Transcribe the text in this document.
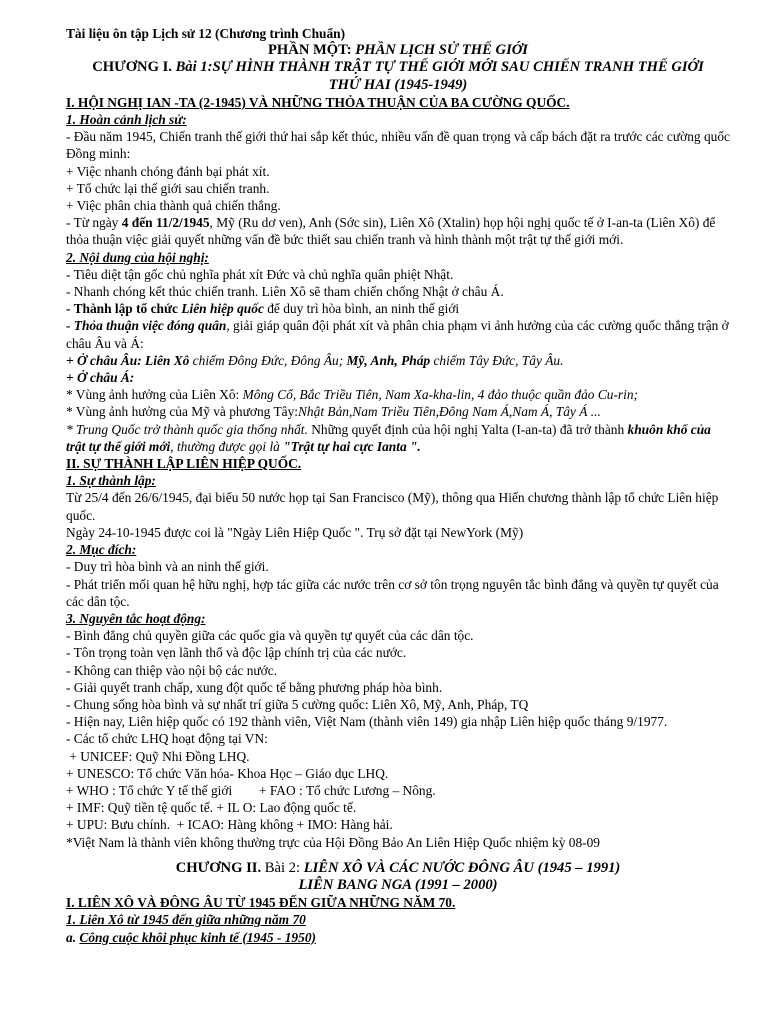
Tài liệu ôn tập Lịch sử 12 (Chương trình Chuẩn)

PHẦN MỘT: PHẦN LỊCH SỬ THẾ GIỚI

CHƯƠNG I. Bài 1:SỰ HÌNH THÀNH TRẬT TỰ THẾ GIỚI MỚI SAU CHIẾN TRANH THẾ GIỚI

THỨ HAI (1945-1949)

I. HỘI NGHỊ IAN -TA (2-1945) VÀ NHỮNG THỎA THUẬN CỦA BA CƯỜNG QUỐC.

1. Hoàn cảnh lịch sử:

- Đầu năm 1945, Chiến tranh thế giới thứ hai sắp kết thúc, nhiều vấn đề quan trọng và cấp bách đặt ra trước các cường quốc Đồng minh:

+ Việc nhanh chóng đánh bại phát xít.

+ Tổ chức lại thế giới sau chiến tranh.

+ Việc phân chia thành quả chiến thắng.

- Từ ngày 4 đến 11/2/1945, Mỹ (Ru dơ ven), Anh (Sớc sin), Liên Xô (Xtalin) họp hội nghị quốc tế ở I-an-ta (Liên Xô) để thỏa thuận việc giải quyết những vấn đề bức thiết sau chiến tranh và hình thành một trật tự thế giới mới.

2. Nội dung của hội nghị:

- Tiêu diệt tận gốc chủ nghĩa phát xít Đức và chủ nghĩa quân phiệt Nhật.

- Nhanh chóng kết thúc chiến tranh. Liên Xô sẽ tham chiến chống Nhật ở châu Á.

- Thành lập tổ chức Liên hiệp quốc để duy trì hòa bình, an ninh thế giới

- Thỏa thuận việc đóng quân, giải giáp quân đội phát xít và phân chia phạm vi ảnh hưởng của các cường quốc thắng trận ở châu Âu và Á:

+ Ở châu Âu: Liên Xô chiếm Đông Đức, Đông Âu; Mỹ, Anh, Pháp chiếm Tây Đức, Tây Âu.

+ Ở châu Á:

* Vùng ảnh hưởng của Liên Xô: Mông Cổ, Bắc Triều Tiên, Nam Xa-kha-lin, 4 đảo thuộc quần đảo Cu-rin;

* Vùng ảnh hưởng của Mỹ và phương Tây:Nhật Bản,Nam Triều Tiên,Đông Nam Á,Nam Á, Tây Á ...

* Trung Quốc trở thành quốc gia thống nhất. Những quyết định của hội nghị Yalta (I-an-ta) đã trở thành khuôn khổ của trật tự thế giới mới, thường được gọi là "Trật tự hai cực Ianta ".

II. SỰ THÀNH LẬP LIÊN HIỆP QUỐC.

1. Sự thành lập:

Từ 25/4 đến 26/6/1945, đại biểu 50 nước họp tại San Francisco (Mỹ), thông qua Hiến chương thành lập tổ chức Liên hiệp quốc.

Ngày 24-10-1945 được coi là "Ngày Liên Hiệp Quốc ". Trụ sở đặt tại NewYork (Mỹ)

2. Mục đích:

- Duy trì hòa bình và an ninh thế giới.

- Phát triển mối quan hệ hữu nghị, hợp tác giữa các nước trên cơ sở tôn trọng nguyên tắc bình đẳng và quyền tự quyết của các dân tộc.

3. Nguyên tắc hoạt động:

- Bình đẳng chủ quyền giữa các quốc gia và quyền tự quyết của các dân tộc.

- Tôn trọng toàn vẹn lãnh thổ và độc lập chính trị của các nước.

- Không can thiệp vào nội bộ các nước.

- Giải quyết tranh chấp, xung đột quốc tế bằng phương pháp hòa bình.

- Chung sống hòa bình và sự nhất trí giữa 5 cường quốc: Liên Xô, Mỹ, Anh, Pháp, TQ

- Hiện nay, Liên hiệp quốc có 192 thành viên, Việt Nam (thành viên 149) gia nhập Liên hiệp quốc tháng 9/1977.

- Các tổ chức LHQ hoạt động tại VN:

+ UNICEF: Quỹ Nhi Đồng LHQ.

+ UNESCO: Tổ chức Văn hóa- Khoa Học – Giáo dục LHQ.

+ WHO : Tổ chức Y tế thế giới        + FAO : Tổ chức Lương – Nông.

+ IMF: Quỹ tiền tệ quốc tế. + IL O: Lao động quốc tế.

+ UPU: Bưu chính.  + ICAO: Hàng không + IMO: Hàng hải.

*Việt Nam là thành viên không thường trực của Hội Đồng Bảo An Liên Hiệp Quốc nhiệm kỳ 08-09

CHƯƠNG II. Bài 2: LIÊN XÔ VÀ CÁC NƯỚC ĐÔNG ÂU (1945 – 1991)

LIÊN BANG NGA (1991 – 2000)

I. LIÊN XÔ VÀ ĐÔNG ÂU TỪ 1945 ĐẾN GIỮA NHỮNG NĂM 70.

1. Liên Xô từ 1945 đến giữa những năm 70

a. Công cuộc khôi phục kinh tế (1945 - 1950)
